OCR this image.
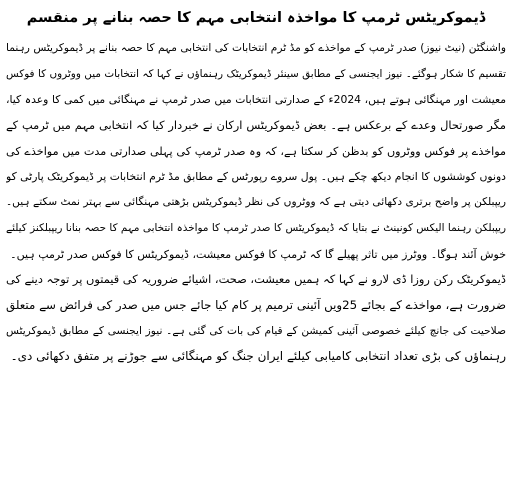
ڈیموکریٹس ٹرمپ کا مواخذہ انتخابی مہم کا حصہ بنانے پر منقسم
واشنگٹن (نیٹ نیوز) صدر ٹرمپ کے مواخذے کو مڈ ٹرم انتخابات کی انتخابی مہم کا حصہ بنانے پر ڈیموکریٹس رہنما
تقسیم کا شکار ہوگئے۔ نیوز ایجنسی کے مطابق سینئر ڈیموکریٹک رہنماؤں نے کہا کہ انتخابات میں ووٹروں کا فوکس
معیشت اور مہنگائی ہوتے ہیں، 2024ء کے صدارتی انتخابات میں صدر ٹرمپ نے مہنگائی میں کمی کا وعدہ کیا،
مگر صورتحال وعدے کے برعکس ہے۔ بعض ڈیموکریٹس ارکان نے خبردار کیا کہ انتخابی مہم میں ٹرمپ کے
مواخذے پر فوکس ووٹروں کو بدظن کر سکتا ہے، کہ وہ صدر ٹرمپ کی پہلی صدارتی مدت میں مواخذے کی
دونوں کوششوں کا انجام دیکھ چکے ہیں۔ پول سروے رپورٹس کے مطابق مڈ ٹرم انتخابات پر ڈیموکریٹک پارٹی کو
ریپبلکن پر واضح برتری دکھائی دیتی ہے کہ ووٹروں کی نظر ڈیموکریٹس بڑھتی مہنگائی سے بہتر نمٹ سکتے ہیں۔
ریپبلکن رہنما الیکس کونینٹ نے بتایا کہ ڈیموکریٹس کا صدر ٹرمپ کا مواخذہ انتخابی مہم کا حصہ بنانا ریپبلکنز کیلئے
خوش آئند ہوگا۔ ووٹرز میں تاثر پھیلے گا کہ ٹرمپ کا فوکس معیشت، ڈیموکریٹس کا فوکس صدر ٹرمپ ہیں۔
ڈیموکریٹک رکن روزا ڈی لارو نے کہا کہ ہمیں معیشت، صحت، اشیائے ضروریہ کی قیمتوں پر توجہ دینے کی
ضرورت ہے، مواخذے کے بجائے 25ویں آئینی ترمیم پر کام کیا جائے جس میں صدر کی فرائض سے متعلق
صلاحیت کی جانچ کیلئے خصوصی آئینی کمیشن کے قیام کی بات کی گئی ہے۔ نیوز ایجنسی کے مطابق ڈیموکریٹس
رہنماؤں کی بڑی تعداد انتخابی کامیابی کیلئے ایران جنگ کو مہنگائی سے جوڑنے پر متفق دکھائی دی۔
